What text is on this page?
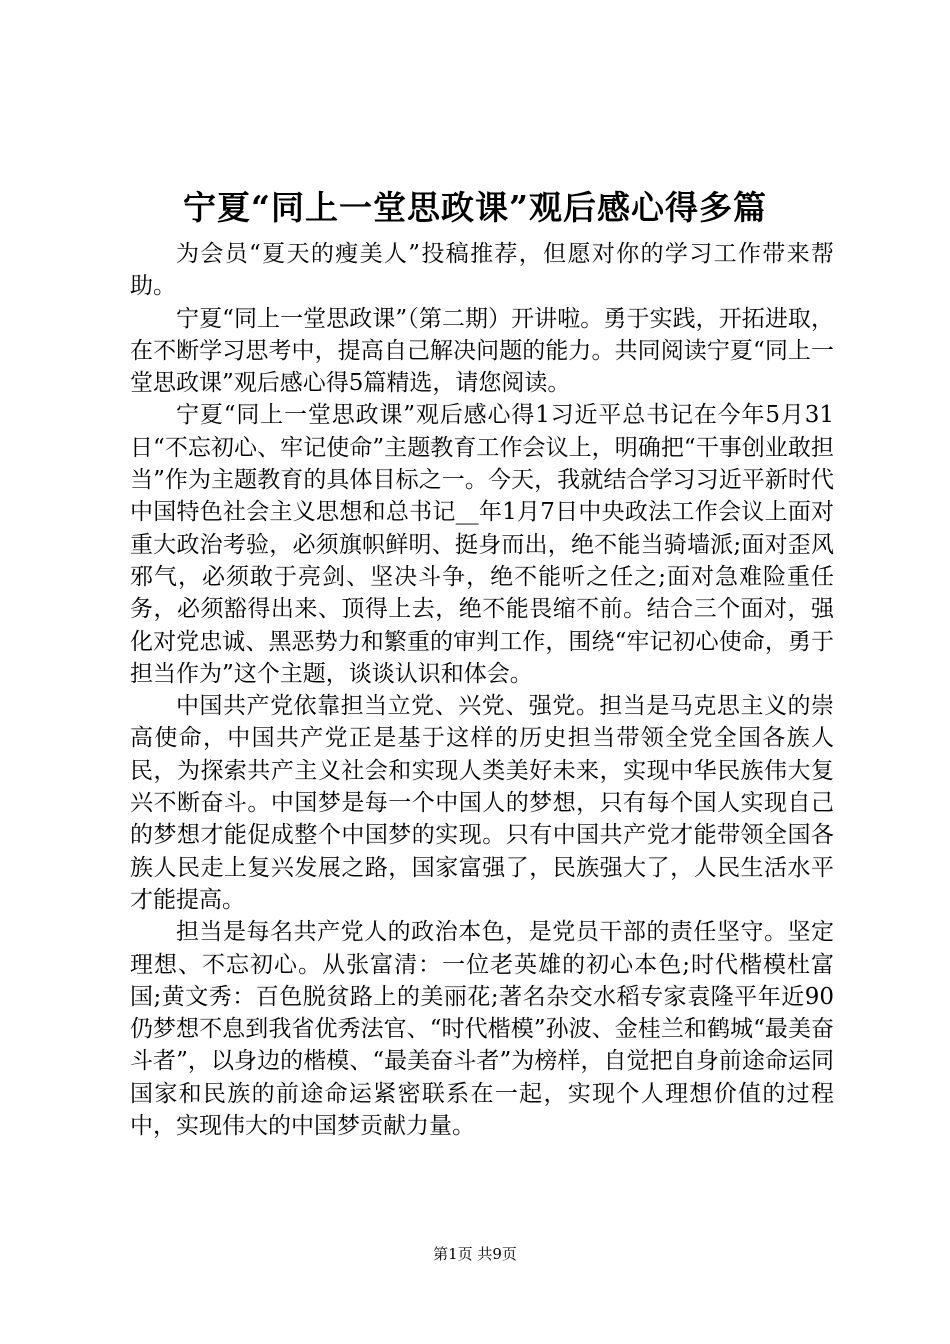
宁夏“同上一堂思政课”观后感心得多篇

为会员“夏天的瘦美人”投稿推荐，但愿对你的学习工作带来帮助。

宁夏“同上一堂思政课”（第二期）开讲啦。勇于实践，开拓进取，在不断学习思考中，提高自己解决问题的能力。共同阅读宁夏“同上一堂思政课”观后感心得5篇精选，请您阅读。

宁夏“同上一堂思政课”观后感心得1习近平总书记在今年5月31日“不忘初心、牢记使命”主题教育工作会议上，明确把“干事创业敢担当”作为主题教育的具体目标之一。今天，我就结合学习习近平新时代中国特色社会主义思想和总书记__年1月7日中央政法工作会议上面对重大政治考验，必须旗帜鲜明、挺身而出，绝不能当骑墙派;面对歪风邪气，必须敢于亮剑、坚决斗争，绝不能听之任之;面对急难险重任务，必须豁得出来、顶得上去，绝不能畏缩不前。结合三个面对，强化对党忠诚、黑恶势力和繁重的审判工作，围绕“牢记初心使命，勇于担当作为”这个主题，谈谈认识和体会。

中国共产党依靠担当立党、兴党、强党。担当是马克思主义的崇高使命，中国共产党正是基于这样的历史担当带领全党全国各族人民，为探索共产主义社会和实现人类美好未来，实现中华民族伟大复兴不断奋斗。中国梦是每一个中国人的梦想，只有每个国人实现自己的梦想才能促成整个中国梦的实现。只有中国共产党才能带领全国各族人民走上复兴发展之路，国家富强了，民族强大了，人民生活水平才能提高。

担当是每名共产党人的政治本色，是党员干部的责任坚守。坚定理想、不忘初心。从张富清：一位老英雄的初心本色;时代楷模杜富国;黄文秀：百色脱贫路上的美丽花;著名杂交水稻专家袁隆平年近90仍梦想不息到我省优秀法官、“时代楷模”孙波、金桂兰和鹤城“最美奋斗者”，以身边的楷模、“最美奋斗者”为榜样，自觉把自身前途命运同国家和民族的前途命运紧密联系在一起，实现个人理想价值的过程中，实现伟大的中国梦贡献力量。

第1页 共9页
